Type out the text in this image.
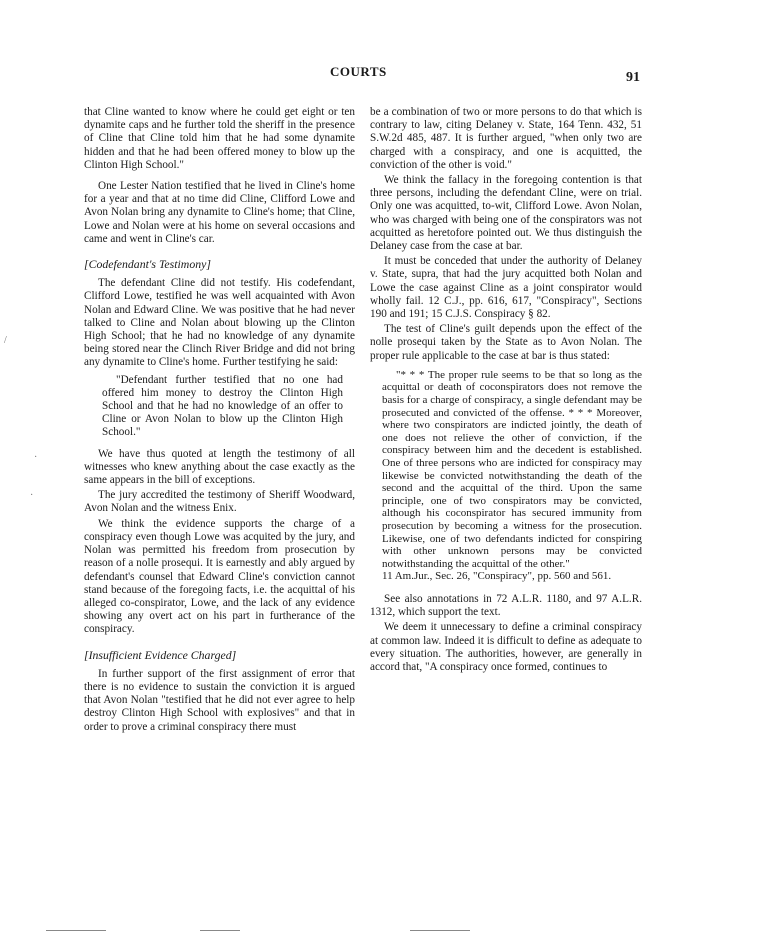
COURTS	91

that Cline wanted to know where he could get eight or ten dynamite caps and he further told the sheriff in the presence of Cline that Cline told him that he had some dynamite hidden and that he had been offered money to blow up the Clinton High School."

One Lester Nation testified that he lived in Cline's home for a year and that at no time did Cline, Clifford Lowe and Avon Nolan bring any dynamite to Cline's home; that Cline, Lowe and Nolan were at his home on several occasions and came and went in Cline's car.

[Codefendant's Testimony]

The defendant Cline did not testify. His codefendant, Clifford Lowe, testified he was well acquainted with Avon Nolan and Edward Cline. We was positive that he had never talked to Cline and Nolan about blowing up the Clinton High School; that he had no knowledge of any dynamite being stored near the Clinch River Bridge and did not bring any dynamite to Cline's home. Further testifying he said:

"Defendant further testified that no one had offered him money to destroy the Clinton High School and that he had no knowledge of an offer to Cline or Avon Nolan to blow up the Clinton High School."

We have thus quoted at length the testimony of all witnesses who knew anything about the case exactly as the same appears in the bill of exceptions.

The jury accredited the testimony of Sheriff Woodward, Avon Nolan and the witness Enix.

We think the evidence supports the charge of a conspiracy even though Lowe was acquited by the jury, and Nolan was permitted his freedom from prosecution by reason of a nolle prosequi. It is earnestly and ably argued by defendant's counsel that Edward Cline's conviction cannot stand because of the foregoing facts, i.e. the acquittal of his alleged co-conspirator, Lowe, and the lack of any evidence showing any overt act on his part in furtherance of the conspiracy.

[Insufficient Evidence Charged]

In further support of the first assignment of error that there is no evidence to sustain the conviction it is argued that Avon Nolan "testified that he did not ever agree to help destroy Clinton High School with explosives" and that in order to prove a criminal conspiracy there must

be a combination of two or more persons to do that which is contrary to law, citing Delaney v. State, 164 Tenn. 432, 51 S.W.2d 485, 487. It is further argued, "when only two are charged with a conspiracy, and one is acquitted, the conviction of the other is void."

We think the fallacy in the foregoing contention is that three persons, including the defendant Cline, were on trial. Only one was acquitted, to-wit, Clifford Lowe. Avon Nolan, who was charged with being one of the conspirators was not acquitted as heretofore pointed out. We thus distinguish the Delaney case from the case at bar.

It must be conceded that under the authority of Delaney v. State, supra, that had the jury acquitted both Nolan and Lowe the case against Cline as a joint conspirator would wholly fail. 12 C.J., pp. 616, 617, "Conspiracy", Sections 190 and 191; 15 C.J.S. Conspiracy § 82.

The test of Cline's guilt depends upon the effect of the nolle prosequi taken by the State as to Avon Nolan. The proper rule applicable to the case at bar is thus stated:

"* * * The proper rule seems to be that so long as the acquittal or death of coconspirators does not remove the basis for a charge of conspiracy, a single defendant may be prosecuted and convicted of the offense. * * * Moreover, where two conspirators are indicted jointly, the death of one does not relieve the other of conviction, if the conspiracy between him and the decedent is established. One of three persons who are indicted for conspiracy may likewise be convicted notwithstanding the death of the second and the acquittal of the third. Upon the same principle, one of two conspirators may be convicted, although his coconspirator has secured immunity from prosecution by becoming a witness for the prosecution. Likewise, one of two defendants indicted for conspiring with other unknown persons may be convicted notwithstanding the acquittal of the other."
11 Am.Jur., Sec. 26, "Conspiracy", pp. 560 and 561.

See also annotations in 72 A.L.R. 1180, and 97 A.L.R. 1312, which support the text.

We deem it unnecessary to define a criminal conspiracy at common law. Indeed it is difficult to define as adequate to every situation. The authorities, however, are generally in accord that, "A conspiracy once formed, continues to

/
·
·
